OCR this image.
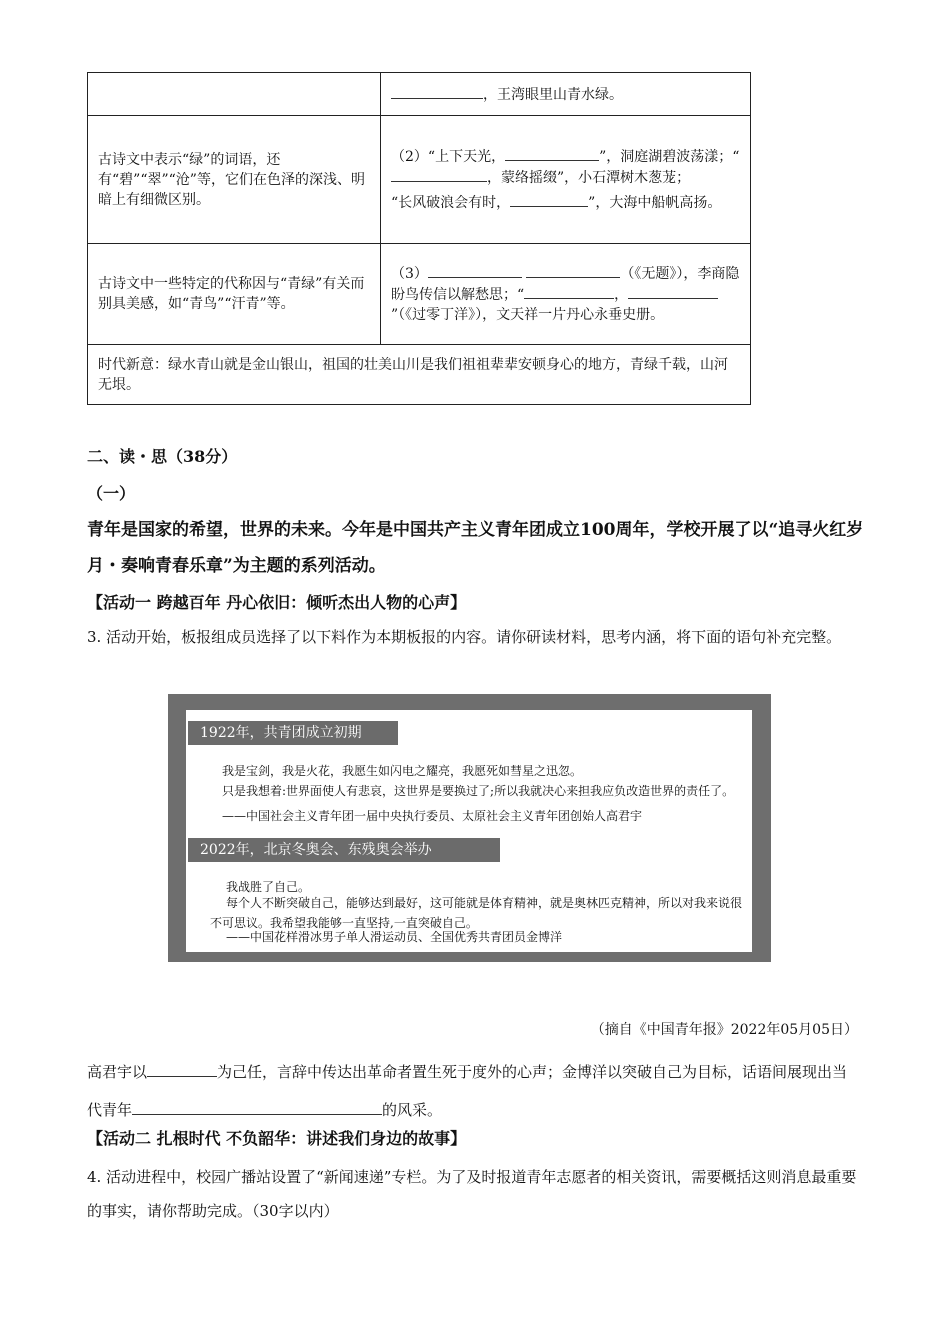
	，王湾眼里山青水绿。
古诗文中表示“绿”的词语，还有“碧”“翠”“沧”等，它们在色泽的深浅、明暗上有细微区别。	（2）“上下天光， ”，洞庭湖碧波荡漾；“，蒙络摇缀”，小石潭树木葱茏；
“长风破浪会有时， ”，大海中船帆高扬。

古诗文中一些特定的代称因与“青绿”有关而别具美感，如“青鸟”“汗青”等。	（3） （《无题》），李商隐盼鸟传信以解愁思；“ ，”（《过零丁洋》），文天祥一片丹心永垂史册。
时代新意：绿水青山就是金山银山，祖国的壮美山川是我们祖祖辈辈安顿身心的地方，青绿千载，山河无垠。	
二、读・思（38分）
（一）
青年是国家的希望，世界的未来。今年是中国共产主义青年团成立100周年，学校开展了以“追寻火红岁月・奏响青春乐章”为主题的系列活动。
【活动一 跨越百年 丹心依旧：倾听杰出人物的心声】
3. 活动开始，板报组成员选择了以下料作为本期板报的内容。请你研读材料，思考内涵，将下面的语句补充完整。
1922年，共青团成立初期
我是宝剑，我是火花，我愿生如闪电之耀亮，我愿死如彗星之迅忽。
只是我想着:世界面使人有悲哀，这世界是要换过了;所以我就决心来担我应负改造世界的责任了。
——中国社会主义青年团一届中央执行委员、太原社会主义青年团创始人高君宇
2022年，北京冬奥会、东残奥会举办
我战胜了自己。
每个人不断突破自己，能够达到最好，这可能就是体育精神，就是奥林匹克精神，所以对我来说很不可思议。我希望我能够一直坚持,一直突破自己。
——中国花样滑冰男子单人滑运动员、全国优秀共青团员金博洋
（摘自《中国青年报》2022年05月05日）
高君宇以	为己任，言辞中传达出革命者置生死于度外的心声；金博洋以突破自己为目标，话语间展现出当代青年	的风采。
【活动二 扎根时代 不负韶华：讲述我们身边的故事】
4. 活动进程中，校园广播站设置了“新闻速递”专栏。为了及时报道青年志愿者的相关资讯，需要概括这则消息最重要的事实，请你帮助完成。（30字以内）
